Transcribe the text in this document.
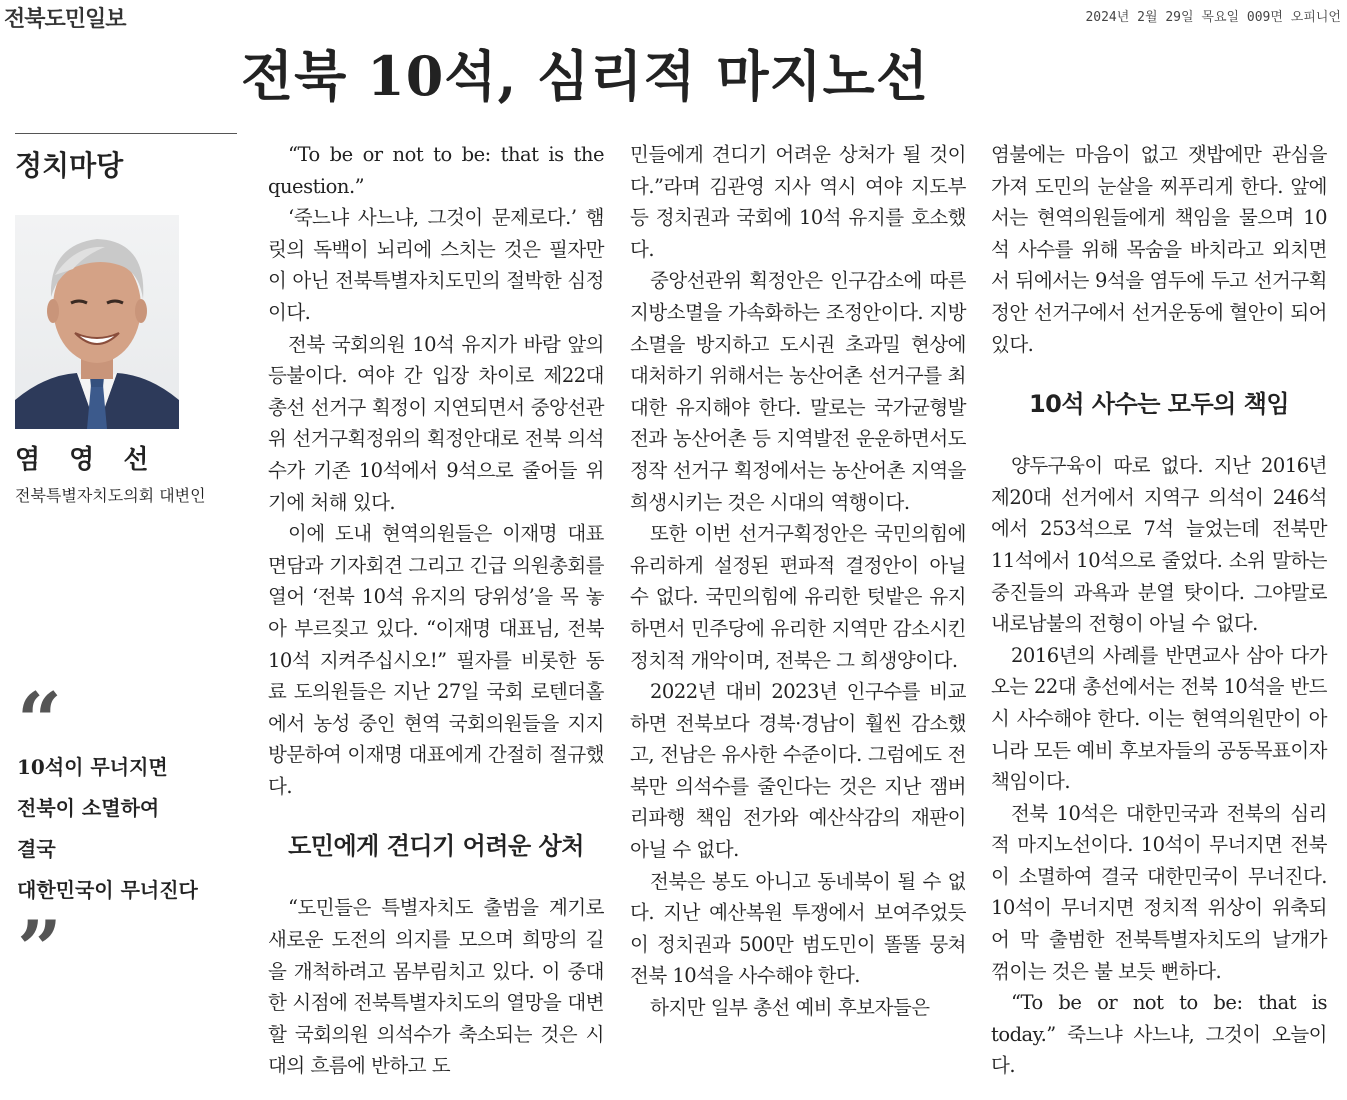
전북도민일보	2024년 2월 29일 목요일 009면 오피니언
전북 10석, 심리적 마지노선
정치마당
염 영 선
전북특별자치도의회 대변인
“
10석이 무너지면
전북이 소멸하여
결국
대한민국이 무너진다
”

“To be or not to be: that is the question.”

‘죽느냐 사느냐, 그것이 문제로다.’ 햄릿의 독백이 뇌리에 스치는 것은 필자만이 아닌 전북특별자치도민의 절박한 심정이다.

전북 국회의원 10석 유지가 바람 앞의 등불이다. 여야 간 입장 차이로 제22대 총선 선거구 획정이 지연되면서 중앙선관위 선거구획정위의 획정안대로 전북 의석수가 기존 10석에서 9석으로 줄어들 위기에 처해 있다.

이에 도내 현역의원들은 이재명 대표 면담과 기자회견 그리고 긴급 의원총회를 열어 ‘전북 10석 유지의 당위성’을 목 놓아 부르짖고 있다. “이재명 대표님, 전북 10석 지켜주십시오!” 필자를 비롯한 동료 도의원들은 지난 27일 국회 로텐더홀에서 농성 중인 현역 국회의원들을 지지 방문하여 이재명 대표에게 간절히 절규했다.

도민에게 견디기 어려운 상처

“도민들은 특별자치도 출범을 계기로 새로운 도전의 의지를 모으며 희망의 길을 개척하려고 몸부림치고 있다. 이 중대한 시점에 전북특별자치도의 열망을 대변할 국회의원 의석수가 축소되는 것은 시대의 흐름에 반하고 도

민들에게 견디기 어려운 상처가 될 것이다.”라며 김관영 지사 역시 여야 지도부 등 정치권과 국회에 10석 유지를 호소했다.

중앙선관위 획정안은 인구감소에 따른 지방소멸을 가속화하는 조정안이다. 지방소멸을 방지하고 도시권 초과밀 현상에 대처하기 위해서는 농산어촌 선거구를 최대한 유지해야 한다. 말로는 국가균형발전과 농산어촌 등 지역발전 운운하면서도 정작 선거구 획정에서는 농산어촌 지역을 희생시키는 것은 시대의 역행이다.

또한 이번 선거구획정안은 국민의힘에 유리하게 설정된 편파적 결정안이 아닐 수 없다. 국민의힘에 유리한 텃밭은 유지하면서 민주당에 유리한 지역만 감소시킨 정치적 개악이며, 전북은 그 희생양이다.

2022년 대비 2023년 인구수를 비교하면 전북보다 경북·경남이 훨씬 감소했고, 전남은 유사한 수준이다. 그럼에도 전북만 의석수를 줄인다는 것은 지난 잼버리파행 책임 전가와 예산삭감의 재판이 아닐 수 없다.

전북은 봉도 아니고 동네북이 될 수 없다. 지난 예산복원 투쟁에서 보여주었듯이 정치권과 500만 범도민이 똘똘 뭉쳐 전북 10석을 사수해야 한다.

하지만 일부 총선 예비 후보자들은

염불에는 마음이 없고 잿밥에만 관심을 가져 도민의 눈살을 찌푸리게 한다. 앞에서는 현역의원들에게 책임을 물으며 10석 사수를 위해 목숨을 바치라고 외치면서 뒤에서는 9석을 염두에 두고 선거구획정안 선거구에서 선거운동에 혈안이 되어 있다.

10석 사수는 모두의 책임

양두구육이 따로 없다. 지난 2016년 제20대 선거에서 지역구 의석이 246석에서 253석으로 7석 늘었는데 전북만 11석에서 10석으로 줄었다. 소위 말하는 중진들의 과욕과 분열 탓이다. 그야말로 내로남불의 전형이 아닐 수 없다.

2016년의 사례를 반면교사 삼아 다가오는 22대 총선에서는 전북 10석을 반드시 사수해야 한다. 이는 현역의원만이 아니라 모든 예비 후보자들의 공동목표이자 책임이다.

전북 10석은 대한민국과 전북의 심리적 마지노선이다. 10석이 무너지면 전북이 소멸하여 결국 대한민국이 무너진다. 10석이 무너지면 정치적 위상이 위축되어 막 출범한 전북특별자치도의 날개가 꺾이는 것은 불 보듯 뻔하다.

“To be or not to be: that is today.” 죽느냐 사느냐, 그것이 오늘이다.
